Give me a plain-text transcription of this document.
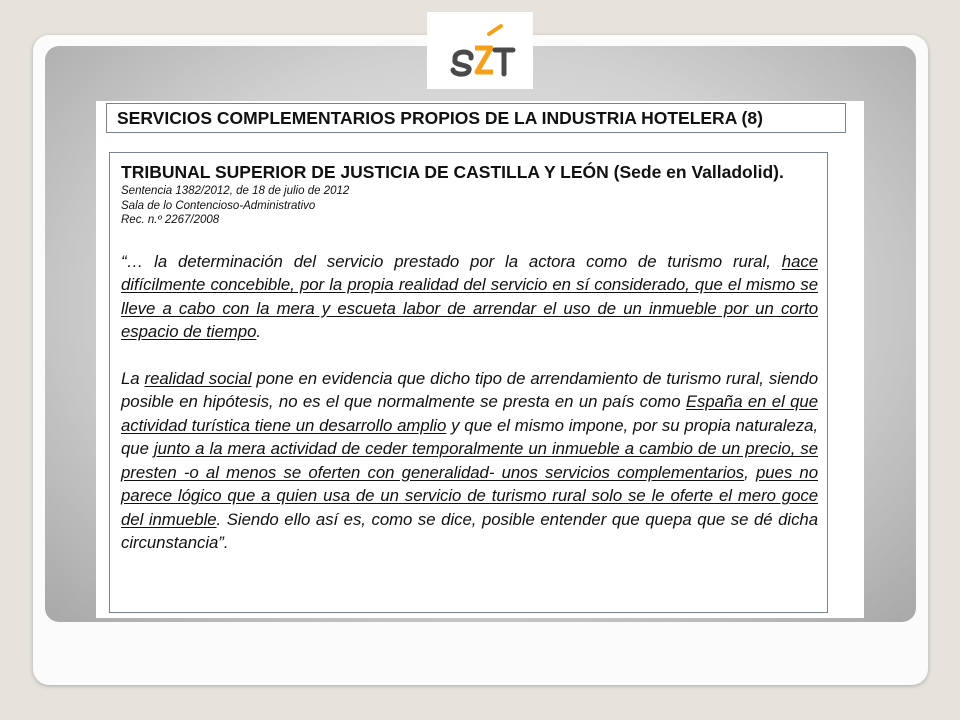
SERVICIOS COMPLEMENTARIOS PROPIOS DE LA INDUSTRIA HOTELERA (8)

TRIBUNAL SUPERIOR DE JUSTICIA DE CASTILLA Y LEÓN (Sede en Valladolid).

Sentencia 1382/2012, de 18 de julio de 2012

Sala de lo Contencioso-Administrativo

Rec. n.º 2267/2008

“… la determinación del servicio prestado por la actora como de turismo rural, hace difícilmente concebible, por la propia realidad del servicio en sí considerado, que el mismo se lleve a cabo con la mera y escueta labor de arrendar el uso de un inmueble por un corto espacio de tiempo.

La realidad social pone en evidencia que dicho tipo de arrendamiento de turismo rural, siendo posible en hipótesis, no es el que normalmente se presta en un país como España en el que actividad turística tiene un desarrollo amplio y que el mismo impone, por su propia naturaleza, que junto a la mera actividad de ceder temporalmente un inmueble a cambio de un precio, se presten -o al menos se oferten con generalidad- unos servicios complementarios, pues no parece lógico que a quien usa de un servicio de turismo rural solo se le oferte el mero goce del inmueble. Siendo ello así es, como se dice, posible entender que quepa que se dé dicha circunstancia”.
